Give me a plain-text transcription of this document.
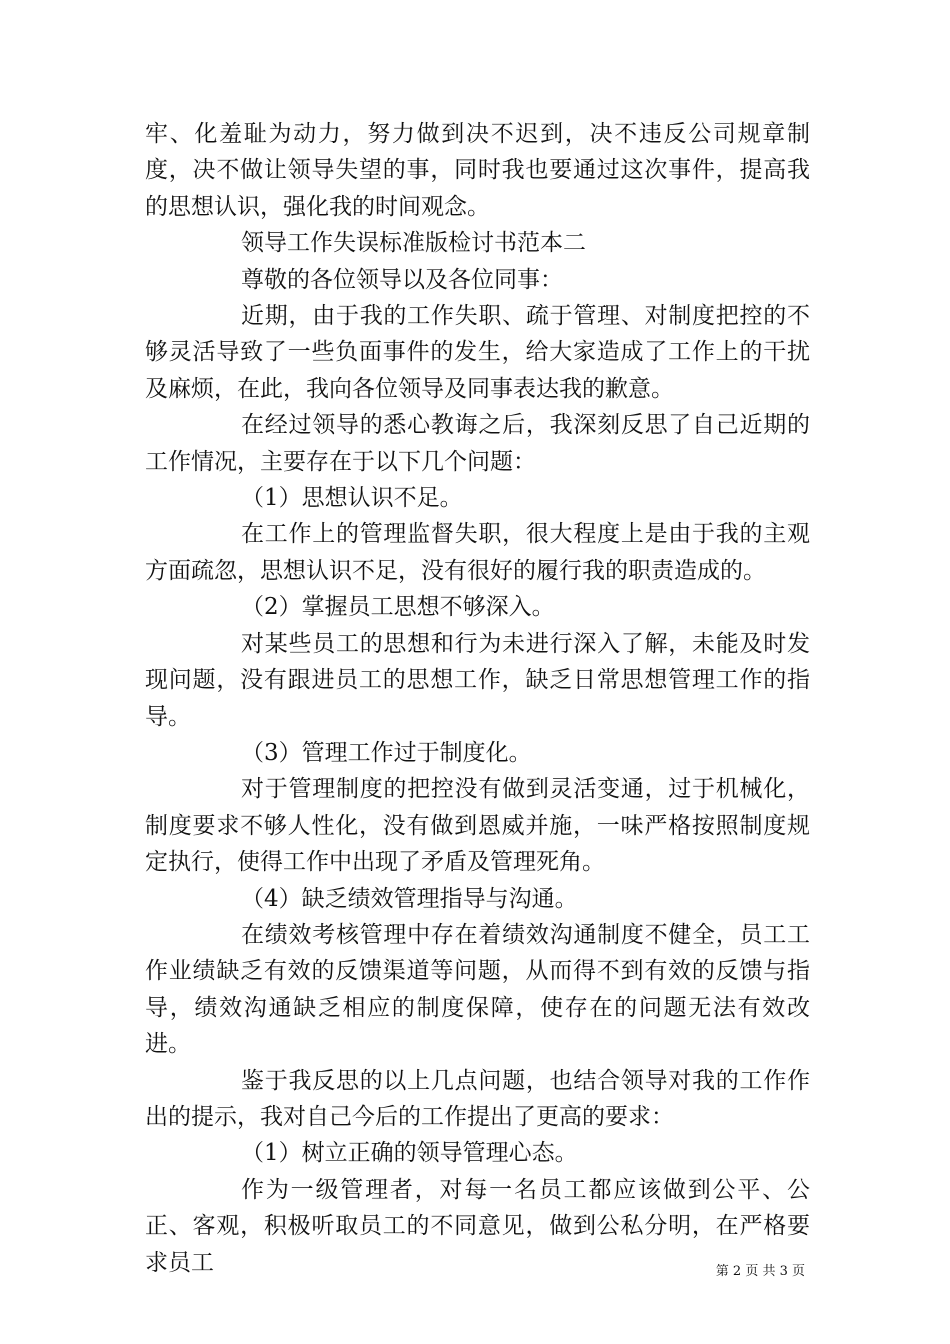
牢、化羞耻为动力，努力做到决不迟到，决不违反公司规章制度，决不做让领导失望的事，同时我也要通过这次事件，提高我的思想认识，强化我的时间观念。

领导工作失误标准版检讨书范本二

尊敬的各位领导以及各位同事：

近期，由于我的工作失职、疏于管理、对制度把控的不够灵活导致了一些负面事件的发生，给大家造成了工作上的干扰及麻烦，在此，我向各位领导及同事表达我的歉意。

在经过领导的悉心教诲之后，我深刻反思了自己近期的工作情况，主要存在于以下几个问题：

（1）思想认识不足。

在工作上的管理监督失职，很大程度上是由于我的主观方面疏忽，思想认识不足，没有很好的履行我的职责造成的。

（2）掌握员工思想不够深入。

对某些员工的思想和行为未进行深入了解，未能及时发现问题，没有跟进员工的思想工作，缺乏日常思想管理工作的指导。

（3）管理工作过于制度化。

对于管理制度的把控没有做到灵活变通，过于机械化，制度要求不够人性化，没有做到恩威并施，一味严格按照制度规定执行，使得工作中出现了矛盾及管理死角。

（4）缺乏绩效管理指导与沟通。

在绩效考核管理中存在着绩效沟通制度不健全，员工工作业绩缺乏有效的反馈渠道等问题，从而得不到有效的反馈与指导，绩效沟通缺乏相应的制度保障，使存在的问题无法有效改进。

鉴于我反思的以上几点问题，也结合领导对我的工作作出的提示，我对自己今后的工作提出了更高的要求：

（1）树立正确的领导管理心态。

作为一级管理者，对每一名员工都应该做到公平、公正、客观，积极听取员工的不同意见，做到公私分明，在严格要求员工	第 2 页 共 3 页
